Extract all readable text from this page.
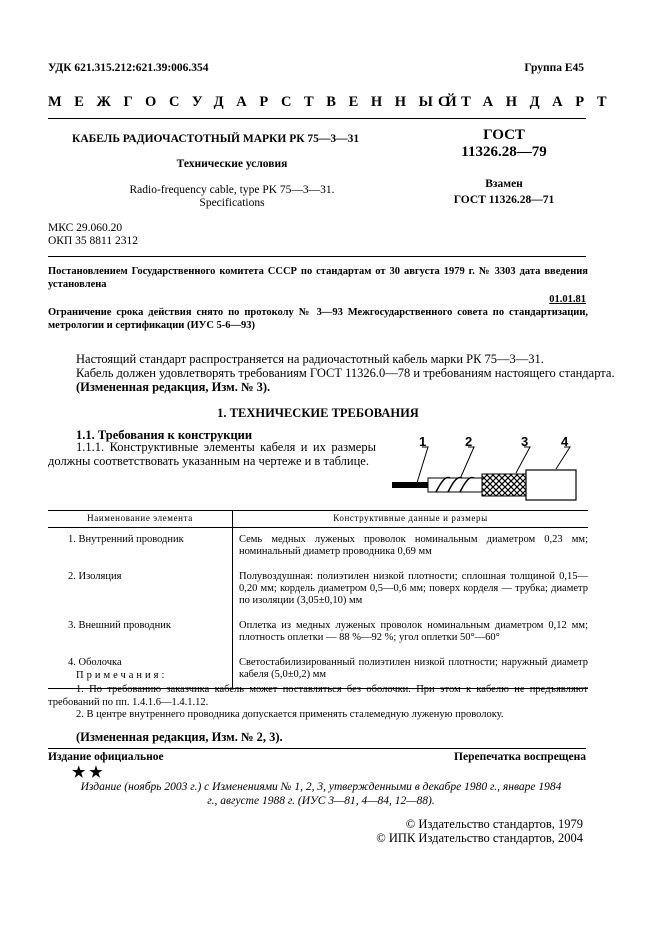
УДК 621.315.212:621.39:006.354	Группа Е45
МЕЖГОСУДАРСТВЕННЫЙ
СТАНДАРТ
КАБЕЛЬ РАДИОЧАСТОТНЫЙ МАРКИ РК 75—3—31
Технические условия
Radio-frequency cable, type PK 75—3—31.
Specifications
ГОСТ
11326.28—79
Взамен
ГОСТ 11326.28—71
МКС 29.060.20
ОКП 35 8811 2312
Постановлением Государственного комитета СССР по стандартам от 30 августа 1979 г. № 3303 дата введения установлена
01.01.81
Ограничение срока действия снято по протоколу № 3—93 Межгосударственного совета по стандартизации, метрологии и сертификации (ИУС 5-6—93)
Настоящий стандарт распространяется на радиочастотный кабель марки РК 75—3—31.
Кабель должен удовлетворять требованиям ГОСТ 11326.0—78 и требованиям настоящего стандарта.
(Измененная редакция, Изм. № 3).
1. ТЕХНИЧЕСКИЕ ТРЕБОВАНИЯ
1.1. Требования к конструкции
1.1.1. Конструктивные элементы кабеля и их размеры должны соответствовать указанным на чертеже и в таблице.
1	2	3	4
Наименование элемента	Конструктивные данные и размеры
1. Внутренний проводник	Семь медных луженых проволок номинальным диаметром 0,23 мм; номинальный диаметр проводника 0,69 мм
2. Изоляция	Полувоздушная: полиэтилен низкой плотности; сплошная толщиной 0,15—0,20 мм; кордель диаметром 0,5—0,6 мм; поверх корделя — трубка; диаметр по изоляции (3,05±0,10) мм
3. Внешний проводник	Оплетка из медных луженых проволок номинальным диаметром 0,12 мм; плотность оплетки — 88 %—92 %; угол оплетки 50°—60°
4. Оболочка	Светостабилизированный полиэтилен низкой плотности; наружный диаметр кабеля (5,0±0,2) мм
Примечания:
1. По требованию заказчика кабель может поставляться без оболочки. При этом к кабелю не предъявляют требований по пп. 1.4.1.6—1.4.1.12.
2. В центре внутреннего проводника допускается применять сталемедную луженую проволоку.
(Измененная редакция, Изм. № 2, 3).
Издание официальное	Перепечатка воспрещена
★ ★
Издание (ноябрь 2003 г.) с Изменениями № 1, 2, 3, утвержденными в декабре 1980 г., январе 1984 г., августе 1988 г. (ИУС 3—81, 4—84, 12—88).
© Издательство стандартов, 1979
© ИПК Издательство стандартов, 2004
